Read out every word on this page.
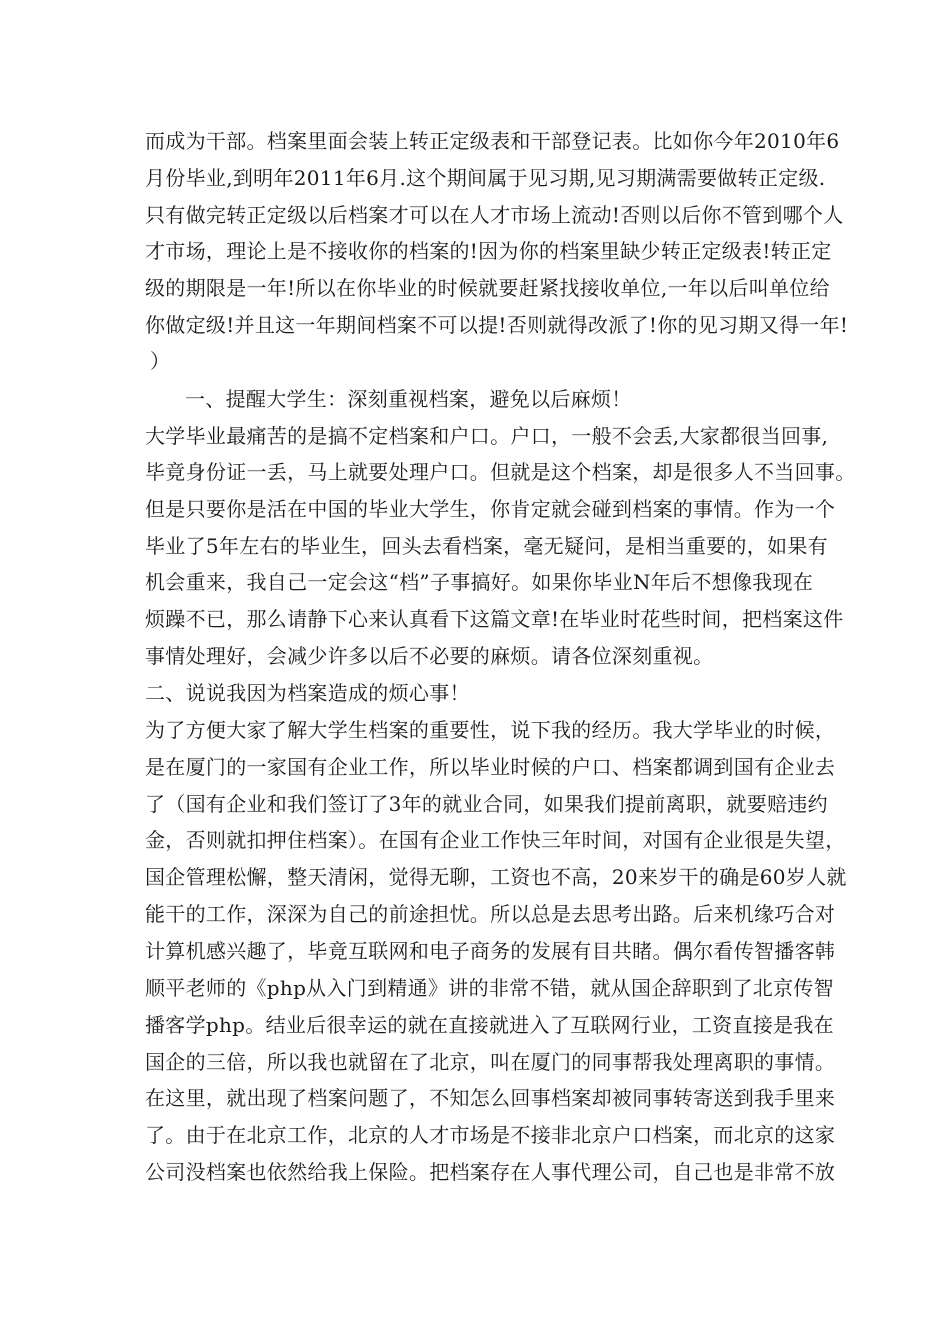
而成为干部。档案里面会装上转正定级表和干部登记表。比如你今年2010年6
月份毕业,到明年2011年6月.这个期间属于见习期,见习期满需要做转正定级.
只有做完转正定级以后档案才可以在人才市场上流动!否则以后你不管到哪个人
才市场，理论上是不接收你的档案的!因为你的档案里缺少转正定级表!转正定
级的期限是一年!所以在你毕业的时候就要赶紧找接收单位,一年以后叫单位给
你做定级!并且这一年期间档案不可以提!否则就得改派了!你的见习期又得一年!
）
一、提醒大学生：深刻重视档案，避免以后麻烦！
大学毕业最痛苦的是搞不定档案和户口。户口，一般不会丢,大家都很当回事,
毕竟身份证一丢，马上就要处理户口。但就是这个档案，却是很多人不当回事。
但是只要你是活在中国的毕业大学生，你肯定就会碰到档案的事情。作为一个
毕业了5年左右的毕业生，回头去看档案，毫无疑问，是相当重要的，如果有
机会重来，我自己一定会这“档”子事搞好。如果你毕业N年后不想像我现在
烦躁不已，那么请静下心来认真看下这篇文章!在毕业时花些时间，把档案这件
事情处理好，会减少许多以后不必要的麻烦。请各位深刻重视。
二、说说我因为档案造成的烦心事！
为了方便大家了解大学生档案的重要性，说下我的经历。我大学毕业的时候，
是在厦门的一家国有企业工作，所以毕业时候的户口、档案都调到国有企业去
了（国有企业和我们签订了3年的就业合同，如果我们提前离职，就要赔违约
金，否则就扣押住档案）。在国有企业工作快三年时间，对国有企业很是失望，
国企管理松懈，整天清闲，觉得无聊，工资也不高，20来岁干的确是60岁人就
能干的工作，深深为自己的前途担忧。所以总是去思考出路。后来机缘巧合对
计算机感兴趣了，毕竟互联网和电子商务的发展有目共睹。偶尔看传智播客韩
顺平老师的《php从入门到精通》讲的非常不错，就从国企辞职到了北京传智
播客学php。结业后很幸运的就在直接就进入了互联网行业，工资直接是我在
国企的三倍，所以我也就留在了北京，叫在厦门的同事帮我处理离职的事情。
在这里，就出现了档案问题了，不知怎么回事档案却被同事转寄送到我手里来
了。由于在北京工作，北京的人才市场是不接非北京户口档案，而北京的这家
公司没档案也依然给我上保险。把档案存在人事代理公司，自己也是非常不放
